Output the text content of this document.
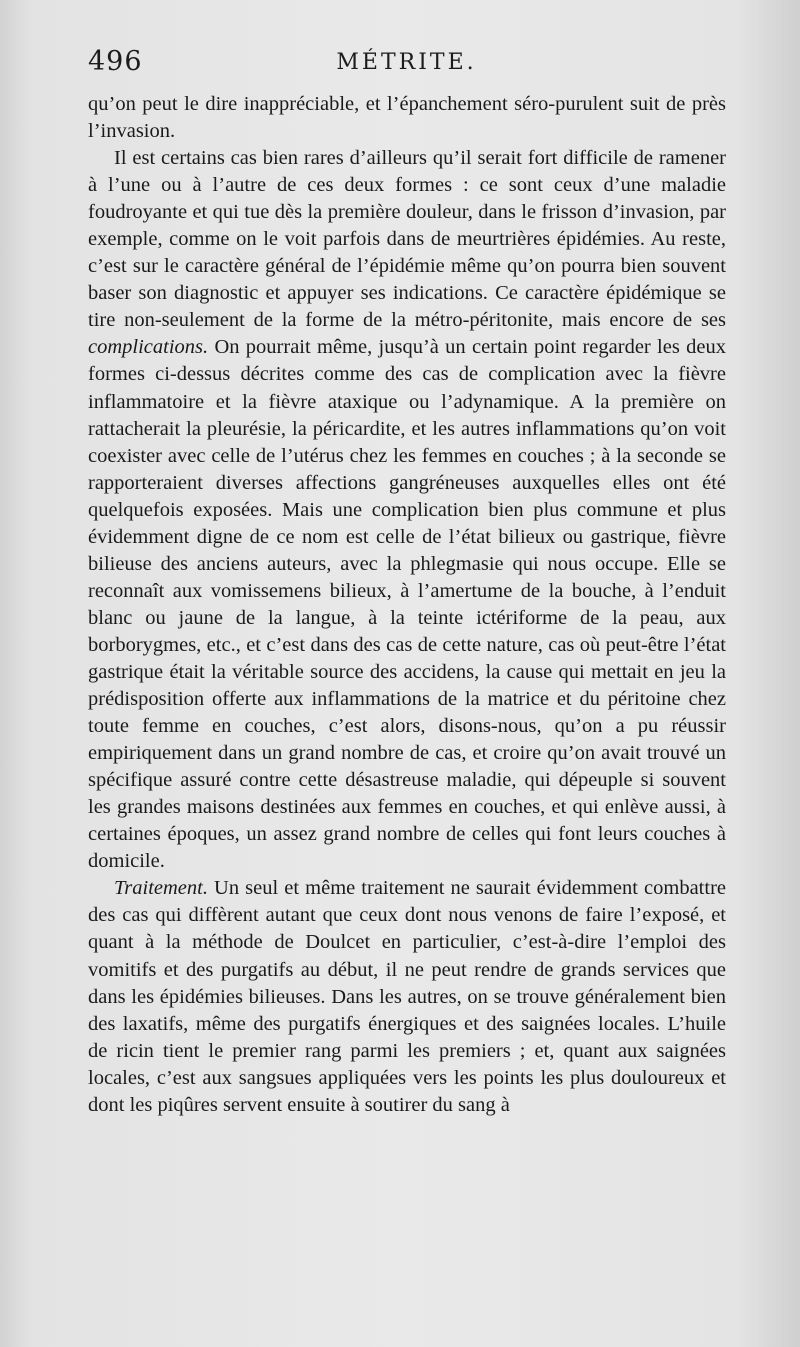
496	MÉTRITE.

qu’on peut le dire inappréciable, et l’épanchement séro-purulent suit de près l’invasion.

Il est certains cas bien rares d’ailleurs qu’il serait fort difficile de ramener à l’une ou à l’autre de ces deux formes : ce sont ceux d’une maladie foudroyante et qui tue dès la première douleur, dans le frisson d’invasion, par exemple, comme on le voit parfois dans de meurtrières épidémies. Au reste, c’est sur le caractère général de l’épidémie même qu’on pourra bien souvent baser son diagnostic et appuyer ses indications. Ce caractère épidémique se tire non-seulement de la forme de la métro-péritonite, mais encore de ses complications. On pourrait même, jusqu’à un certain point regarder les deux formes ci-dessus décrites comme des cas de complication avec la fièvre inflammatoire et la fièvre ataxique ou l’adynamique. A la première on rattacherait la pleurésie, la péricardite, et les autres inflammations qu’on voit coexister avec celle de l’utérus chez les femmes en couches ; à la seconde se rapporteraient diverses affections gangréneuses auxquelles elles ont été quelquefois exposées. Mais une complication bien plus commune et plus évidemment digne de ce nom est celle de l’état bilieux ou gastrique, fièvre bilieuse des anciens auteurs, avec la phlegmasie qui nous occupe. Elle se reconnaît aux vomissemens bilieux, à l’amertume de la bouche, à l’enduit blanc ou jaune de la langue, à la teinte ictériforme de la peau, aux borborygmes, etc., et c’est dans des cas de cette nature, cas où peut-être l’état gastrique était la véritable source des accidens, la cause qui mettait en jeu la prédisposition offerte aux inflammations de la matrice et du péritoine chez toute femme en couches, c’est alors, disons-nous, qu’on a pu réussir empiriquement dans un grand nombre de cas, et croire qu’on avait trouvé un spécifique assuré contre cette désastreuse maladie, qui dépeuple si souvent les grandes maisons destinées aux femmes en couches, et qui enlève aussi, à certaines époques, un assez grand nombre de celles qui font leurs couches à domicile.

Traitement. Un seul et même traitement ne saurait évidemment combattre des cas qui diffèrent autant que ceux dont nous venons de faire l’exposé, et quant à la méthode de Doulcet en particulier, c’est-à-dire l’emploi des vomitifs et des purgatifs au début, il ne peut rendre de grands services que dans les épidémies bilieuses. Dans les autres, on se trouve généralement bien des laxatifs, même des purgatifs énergiques et des saignées locales. L’huile de ricin tient le premier rang parmi les premiers ; et, quant aux saignées locales, c’est aux sangsues appliquées vers les points les plus douloureux et dont les piqûres servent ensuite à soutirer du sang à
